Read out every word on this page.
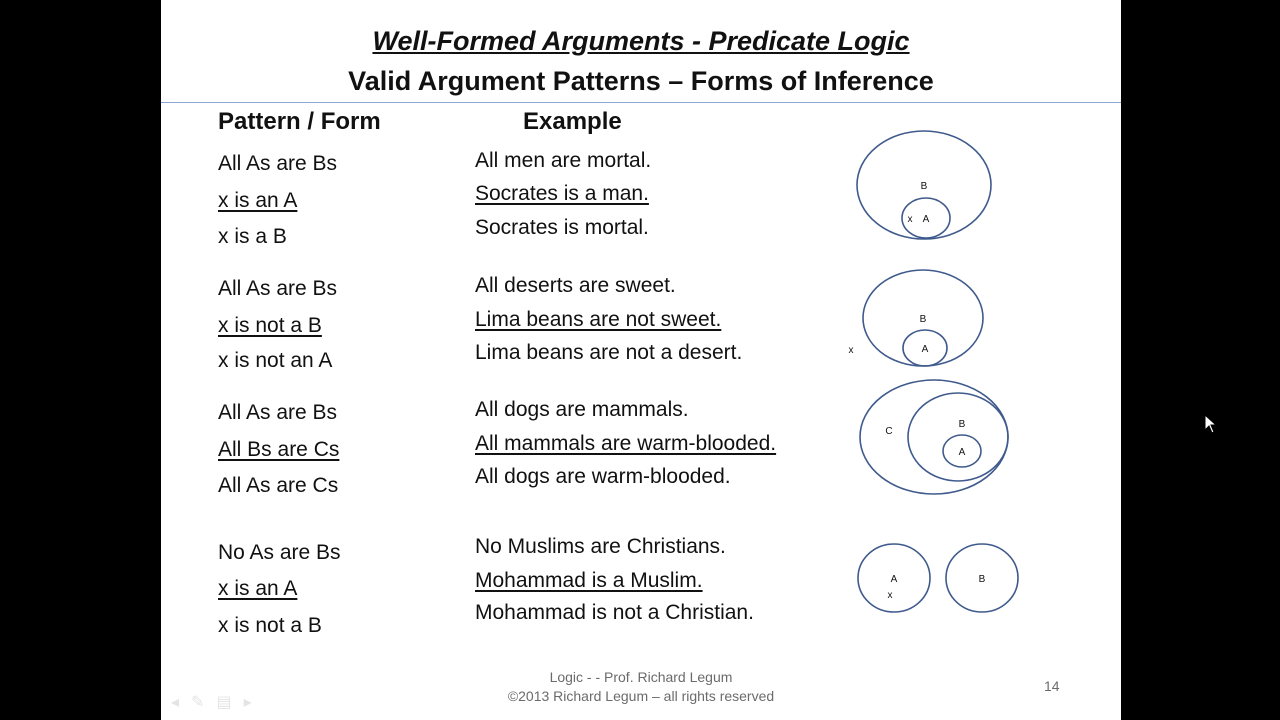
Well-Formed Arguments - Predicate Logic
Valid Argument Patterns – Forms of Inference
Pattern / Form	Example
All As are Bs
x is an A
x is a B
All men are mortal.
Socrates is a man.
Socrates is mortal.
All As are Bs
x is not a B
x is not an A
All deserts are sweet.
Lima beans are not sweet.
Lima beans are not a desert.
All As are Bs
All Bs are Cs
All As are Cs
All dogs are mammals.
All mammals are warm-blooded.
All dogs are warm-blooded.
No As are Bs
x is an A
x is not a B
No Muslims are Christians.
Mohammad is a Muslim.
Mohammad is not a Christian.
B
A
x
B
A
x
C
B
A
A	B
x
Logic - - Prof. Richard Legum
©2013 Richard Legum – all rights reserved
14
◂ ✎ ▤ ▸
